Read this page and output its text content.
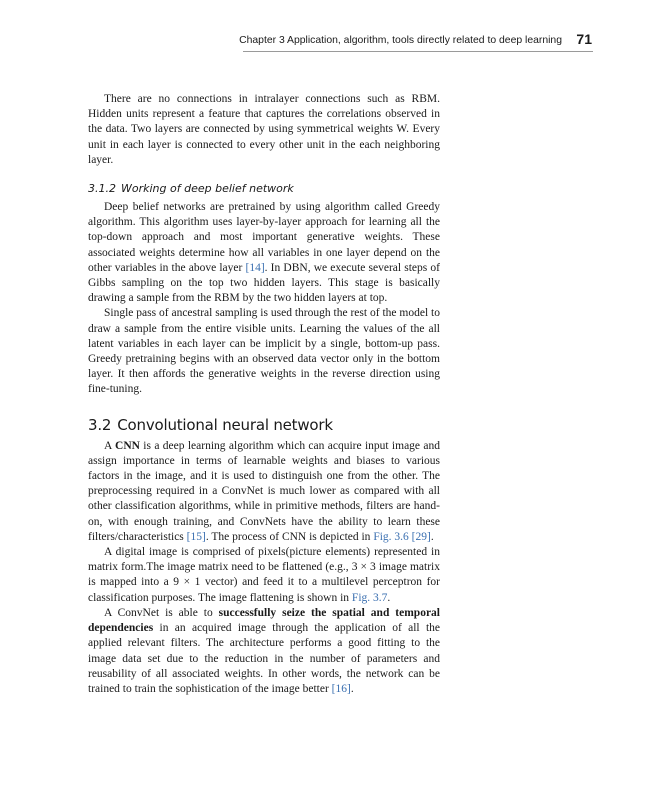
Chapter 3 Application, algorithm, tools directly related to deep learning 71

There are no connections in intralayer connections such as RBM. Hidden units represent a feature that captures the correlations observed in the data. Two layers are connected by using symmetrical weights W. Every unit in each layer is connected to every other unit in the each neighboring layer.

3.1.2 Working of deep belief network

Deep belief networks are pretrained by using algorithm called Greedy algorithm. This algorithm uses layer-by-layer approach for learning all the top-down approach and most important generative weights. These associated weights determine how all variables in one layer depend on the other variables in the above layer [14]. In DBN, we execute several steps of Gibbs sampling on the top two hidden layers. This stage is basically drawing a sample from the RBM by the two hidden layers at top.

Single pass of ancestral sampling is used through the rest of the model to draw a sample from the entire visible units. Learning the values of the all latent variables in each layer can be implicit by a single, bottom-up pass. Greedy pretraining begins with an observed data vector only in the bottom layer. It then affords the generative weights in the reverse direction using fine-tuning.

3.2 Convolutional neural network

A CNN is a deep learning algorithm which can acquire input image and assign importance in terms of learnable weights and biases to various factors in the image, and it is used to distinguish one from the other. The preprocessing required in a ConvNet is much lower as compared with all other classification algorithms, while in primitive methods, filters are hand-on, with enough training, and ConvNets have the ability to learn these filters/characteristics [15]. The process of CNN is depicted in Fig. 3.6 [29].

A digital image is comprised of pixels(picture elements) represented in matrix form.The image matrix need to be flattened (e.g., 3 × 3 image matrix is mapped into a 9 × 1 vector) and feed it to a multilevel perceptron for classification purposes. The image flattening is shown in Fig. 3.7.

A ConvNet is able to successfully seize the spatial and temporal dependencies in an acquired image through the application of all the applied relevant filters. The architecture performs a good fitting to the image data set due to the reduction in the number of parameters and reusability of all associated weights. In other words, the network can be trained to train the sophistication of the image better [16].
